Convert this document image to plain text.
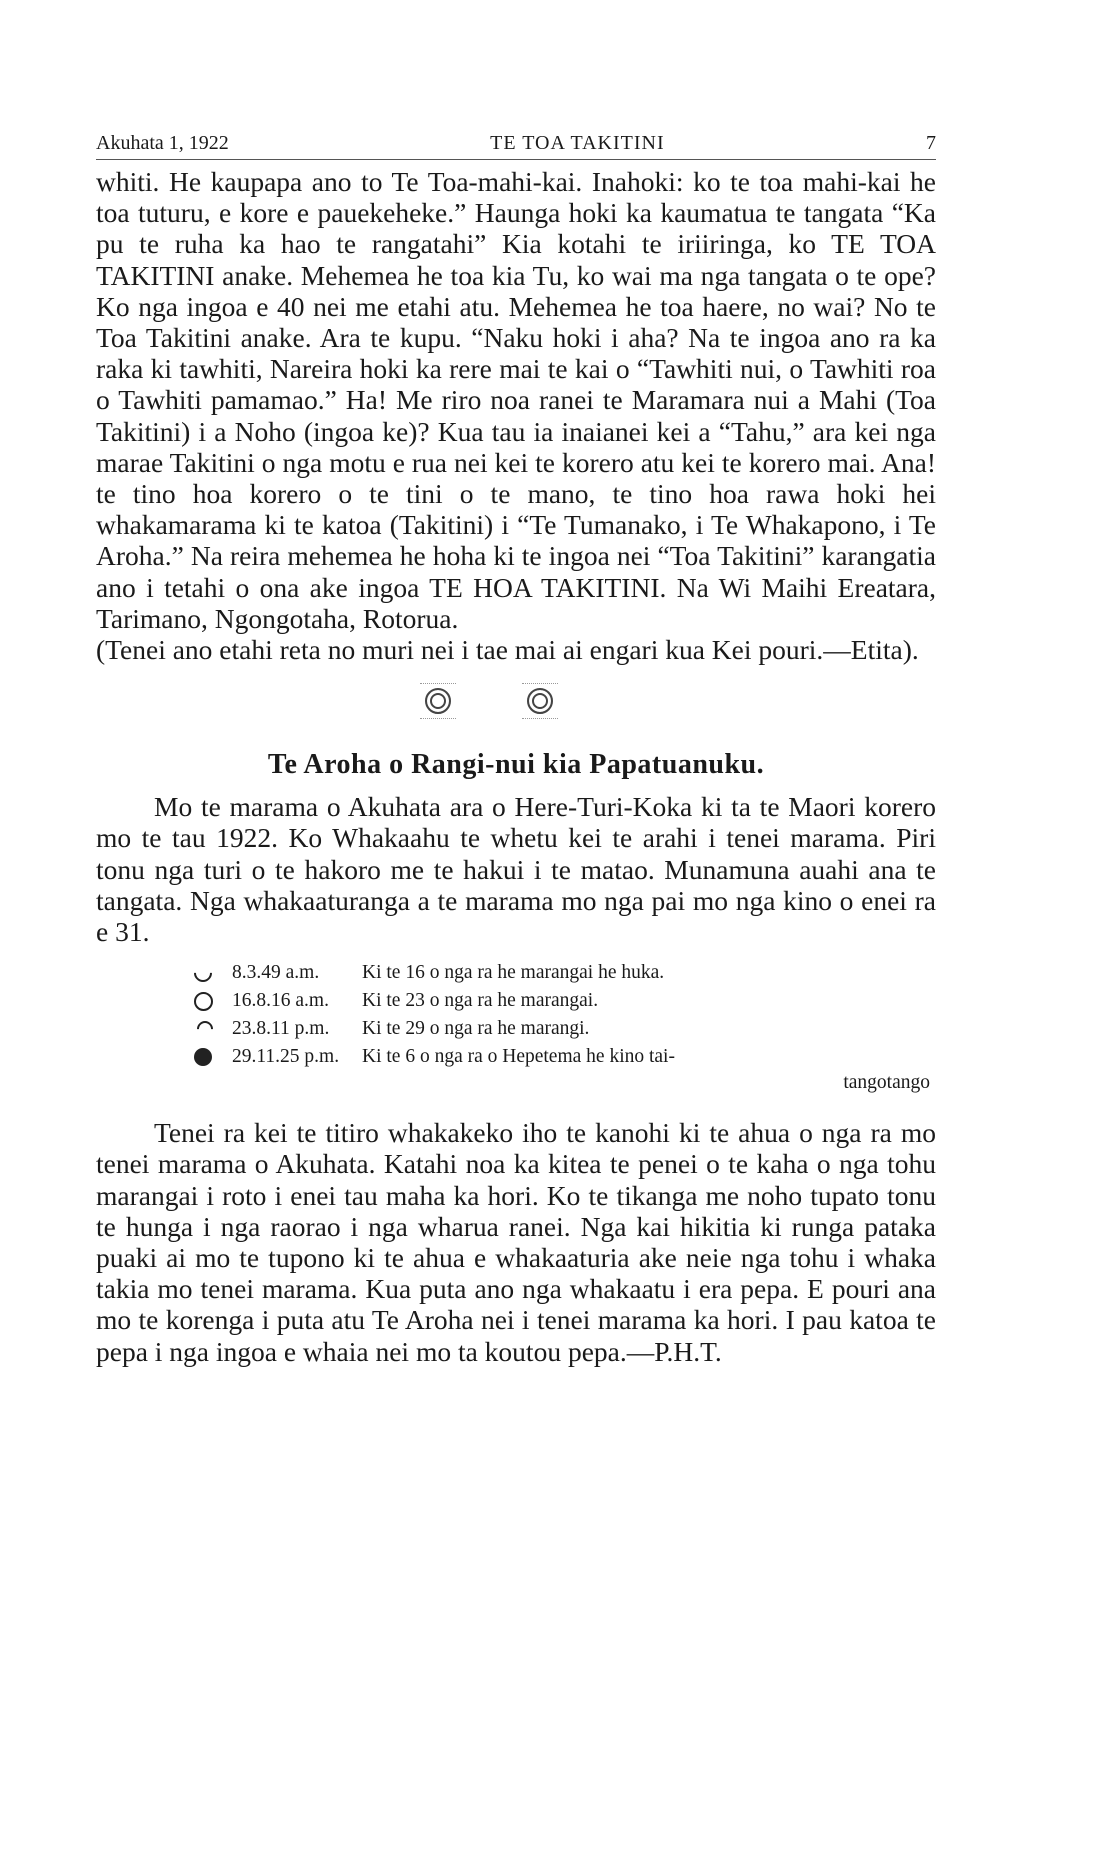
Akuhata 1, 1922	TE TOA TAKITINI	7

whiti. He kaupapa ano to Te Toa-mahi-kai. Inahoki: ko te toa mahi-kai he toa tuturu, e kore e pauekeheke.” Haunga hoki ka kaumatua te tangata “Ka pu te ruha ka hao te rangatahi” Kia kotahi te iriiringa, ko TE TOA TAKITINI anake. Mehemea he toa kia Tu, ko wai ma nga tangata o te ope? Ko nga ingoa e 40 nei me etahi atu. Mehemea he toa haere, no wai? No te Toa Takitini anake. Ara te kupu. “Naku hoki i aha? Na te ingoa ano ra ka raka ki tawhiti, Nareira hoki ka rere mai te kai o “Tawhiti nui, o Tawhiti roa o Tawhiti pamamao.” Ha! Me riro noa ranei te Maramara nui a Mahi (Toa Takitini) i a Noho (ingoa ke)? Kua tau ia inaianei kei a “Tahu,” ara kei nga marae Takitini o nga motu e rua nei kei te korero atu kei te korero mai. Ana! te tino hoa korero o te tini o te mano, te tino hoa rawa hoki hei whakamarama ki te katoa (Takitini) i “Te Tumanako, i Te Whakapono, i Te Aroha.” Na reira mehemea he hoha ki te ingoa nei “Toa Takitini” karangatia ano i tetahi o ona ake ingoa TE HOA TAKITINI. Na Wi Maihi Ereatara, Tarimano, Ngongotaha, Rotorua.

(Tenei ano etahi reta no muri nei i tae mai ai engari kua Kei pouri.—Etita).

Te Aroha o Rangi-nui kia Papatuanuku.

Mo te marama o Akuhata ara o Here-Turi-Koka ki ta te Maori korero mo te tau 1922. Ko Whakaahu te whetu kei te arahi i tenei marama. Piri tonu nga turi o te hakoro me te hakui i te matao. Munamuna auahi ana te tangata. Nga whakaaturanga a te marama mo nga pai mo nga kino o enei ra e 31.

8.3.49 a.m.	Ki te 16 o nga ra he marangai he huka.
16.8.16 a.m.	Ki te 23 o nga ra he marangai.
23.8.11 p.m.	Ki te 29 o nga ra he marangi.
29.11.25 p.m.	Ki te 6 o nga ra o Hepetema he kino tai-
tangotango

Tenei ra kei te titiro whakakeko iho te kanohi ki te ahua o nga ra mo tenei marama o Akuhata. Katahi noa ka kitea te penei o te kaha o nga tohu marangai i roto i enei tau maha ka hori. Ko te tikanga me noho tupato tonu te hunga i nga raorao i nga wharua ranei. Nga kai hikitia ki runga pataka puaki ai mo te tupono ki te ahua e whakaaturia ake neie nga tohu i whaka takia mo tenei marama. Kua puta ano nga whakaatu i era pepa. E pouri ana mo te korenga i puta atu Te Aroha nei i tenei marama ka hori. I pau katoa te pepa i nga ingoa e whaia nei mo ta koutou pepa.—P.H.T.
